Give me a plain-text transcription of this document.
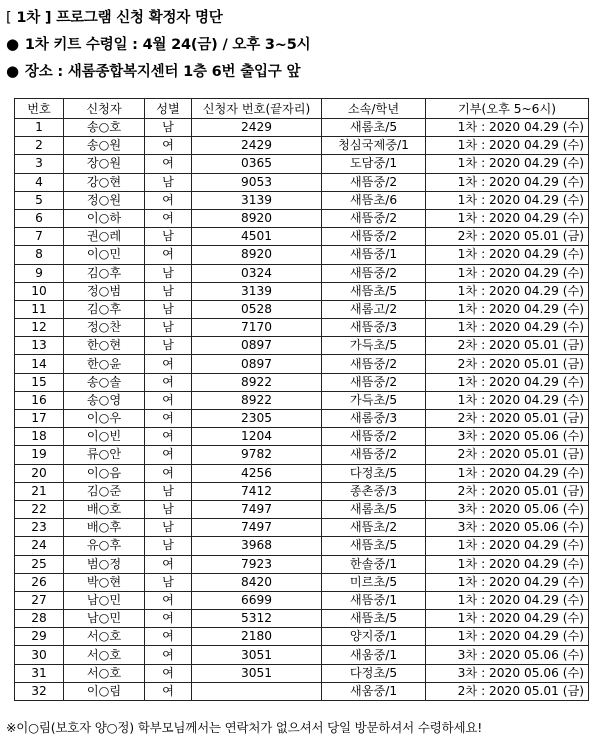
[ 1차 ] 프로그램 신청 확정자 명단
● 1차 키트 수령일 : 4월 24(금) / 오후 3~5시
● 장소 : 새롬종합복지센터 1층 6번 출입구 앞
번호	신청자	성별	신청자 번호(끝자리)	소속/학년	기부(오후 5~6시)
1	송○호	남	2429	새롬초/5	1차 : 2020 04.29 (수)
2	송○원	여	2429	청심국제중/1	1차 : 2020 04.29 (수)
3	장○원	여	0365	도담중/1	1차 : 2020 04.29 (수)
4	강○현	남	9053	새뜸중/2	1차 : 2020 04.29 (수)
5	정○원	여	3139	새뜸초/6	1차 : 2020 04.29 (수)
6	이○하	여	8920	새뜸중/2	1차 : 2020 04.29 (수)
7	권○레	남	4501	새뜸중/2	2차 : 2020 05.01 (금)
8	이○민	여	8920	새뜸중/1	1차 : 2020 04.29 (수)
9	김○후	남	0324	새뜸중/2	1차 : 2020 04.29 (수)
10	정○범	남	3139	새뜸초/5	1차 : 2020 04.29 (수)
11	김○후	남	0528	새롬고/2	1차 : 2020 04.29 (수)
12	정○찬	남	7170	새뜸중/3	1차 : 2020 04.29 (수)
13	한○현	남	0897	가득초/5	2차 : 2020 05.01 (금)
14	한○윤	여	0897	새뜸중/2	2차 : 2020 05.01 (금)
15	송○솔	여	8922	새뜸중/2	1차 : 2020 04.29 (수)
16	송○영	여	8922	가득초/5	1차 : 2020 04.29 (수)
17	이○우	여	2305	새롬중/3	2차 : 2020 05.01 (금)
18	이○빈	여	1204	새뜸중/2	3차 : 2020 05.06 (수)
19	류○안	여	9782	새뜸중/2	2차 : 2020 05.01 (금)
20	이○음	여	4256	다정초/5	1차 : 2020 04.29 (수)
21	김○준	남	7412	종촌중/3	2차 : 2020 05.01 (금)
22	배○호	남	7497	새롬초/5	3차 : 2020 05.06 (수)
23	배○후	남	7497	새뜸초/2	3차 : 2020 05.06 (수)
24	유○후	남	3968	새뜸초/5	1차 : 2020 04.29 (수)
25	범○정	여	7923	한솔중/1	1차 : 2020 04.29 (수)
26	박○현	남	8420	미르초/5	1차 : 2020 04.29 (수)
27	남○민	여	6699	새뜸중/1	1차 : 2020 04.29 (수)
28	남○민	여	5312	새뜸초/5	1차 : 2020 04.29 (수)
29	서○호	여	2180	양지중/1	1차 : 2020 04.29 (수)
30	서○호	여	3051	새움중/1	3차 : 2020 05.06 (수)
31	서○호	여	3051	다정초/5	3차 : 2020 05.06 (수)
32	이○림	여		새움중/1	2차 : 2020 05.01 (금)
※이○림(보호자 양○정) 학부모님께서는 연락처가 없으셔서 당일 방문하셔서 수령하세요!
